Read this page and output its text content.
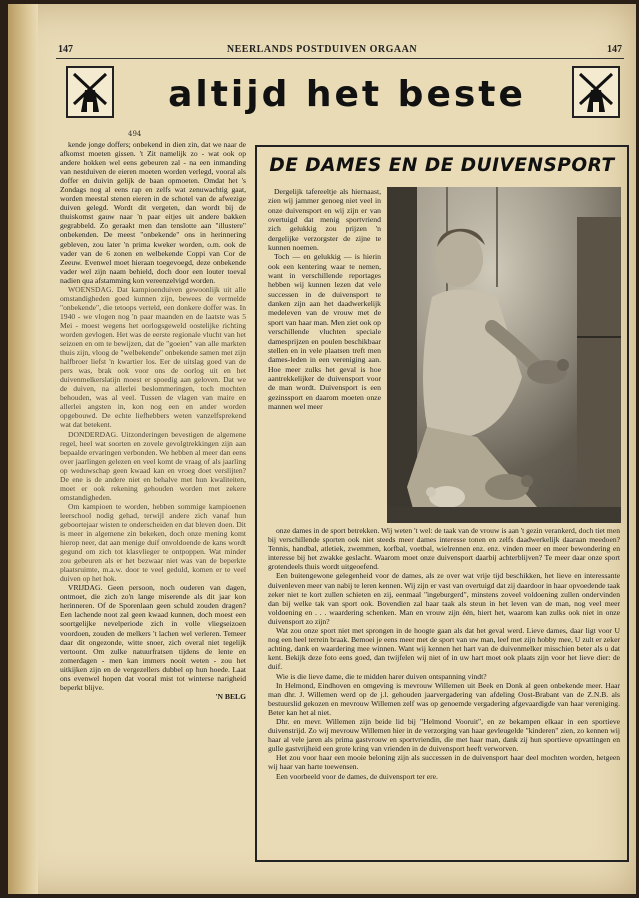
147	NEERLANDS POSTDUIVEN ORGAAN	147
altijd het beste
494

kende jonge doffers; onbekend in dien zin, dat we naar de afkomst moeten gissen. 't Zit namelijk zo - wat ook op andere hokken wel eens gebeuren zal - na een inmanding van nestduiven de eieren moeten worden verlegd, vooral als doffer en duivin gelijk de baan opmoeten. Omdat het 's Zondags nog al eens rap en zelfs wat zenuwachtig gaat, worden meestal stenen eieren in de schotel van de afwezige duiven gelegd. Wordt dit vergeten, dan wordt bij de thuiskomst gauw naar 'n paar eitjes uit andere bakken gegrabbeld. Zo geraakt men dan tenslotte aan "illustere" onbekenden. De meest "onbekende" ons in herinnering gebleven, zou later 'n prima kweker worden, o.m. ook de vader van de 6 zonen en welbekende Coppi van Cor de Zeeuw. Evenwel moet hieraan toegevoegd, deze onbekende vader wel zijn naam behield, doch door een louter toeval nadien qua afstamming kon vereenzelvigd worden.

WOENSDAG. Dat kampioenduiven gewoonlijk uit alle omstandigheden goed kunnen zijn, bewees de vermelde "onbekende", die tetoops verteld, een donkere doffer was. In 1940 - we vlogen nog 'n paar maanden en de laatste was 5 Mei - moest wegens het oorlogsgeweld oostelijke richting worden gevlogen. Het was de eerste regionale vlucht van het seizoen en om te bewijzen, dat de "goeien" van alle markten thuis zijn, vloog de "welbekende" onbekende samen met zijn halfbroer liefst 'n kwartier los. Eer de uitslag goed van de pers was, brak ook voor ons de oorlog uit en het duivenmelkerslatijn moest er spoedig aan geloven. Dat we de duiven, na allerlei beslommeringen, toch mochten behouden, was al veel. Tussen de vlagen van maire en allerlei angsten in, kon nog een en ander worden opgebouwd. De echte liefhebbers weten vanzelfsprekend wat dat betekent.

DONDERDAG. Uitzonderingen bevestigen de algemene regel, heel wat soorten en zovele gevolgtrekkingen zijn aan bepaalde ervaringen verbonden. We hebben al meer dan eens over jaarlingen gelezen en veel komt de vraag of als jaarling op weduwschap geen kwaad kan en vroeg doet verslijten? De ene is de andere niet en behalve met hun kwaliteiten, moet er ook rekening gehouden worden met zekere omstandigheden.

Om kampioen te worden, hebben sommige kampioenen leerschool nodig gehad, terwijl andere zich vanaf hun geboortejaar wisten te onderscheiden en dat bleven doen. Dit is meer in algemene zin bekeken, doch onze mening komt hierop neer, dat aan menige duif onvoldoende de kans wordt gegund om zich tot klasvlieger te ontpoppen. Wat minder zou gebeuren als er het bezwaar niet was van de beperkte plaatsruimte, m.a.w. door te veel geduld, komen er te veel duiven op het hok.

VRIJDAG. Geen persoon, noch ouderen van dagen, ontmoet, die zich zo'n lange miserende als dit jaar kon herinneren. Of de Sporenlaan geen schuld zouden dragen? Een lachende noot zal geen kwaad kunnen, doch moest een soortgelijke nevelperiode zich in volle vliegseizoen voordoen, zouden de melkers 't lachen wel verleren. Temeer daar dit ongezonde, witte snoer, zich overal niet tegelijk vertoont. Om zulke natuurfratsen tijdens de lente en zomerdagen - men kan immers nooit weten - zou het uitkijken zijn en de vergezellers dubbel op hun hoede. Laat ons evenwel hopen dat vooral mist tot winterse narigheid beperkt blijve.

'N BELG
DE DAMES EN DE DUIVENSPORT

Dergelijk tafereeltje als hiernaast, zien wij jammer genoeg niet veel in onze duivensport en wij zijn er van overtuigd dat menig sportvriend zich gelukkig zou prijzen 'n dergelijke verzorgster de zijne te kunnen noemen.

Toch — en gelukkig — is hierin ook een kentering waar te nemen, want in verschillende reportages hebben wij kunnen lezen dat vele successen in de duivensport te danken zijn aan het daadwerkelijk medeleven van de vrouw met de sport van haar man. Men ziet ook op verschillende vluchten speciale damesprijzen en poulen beschikbaar stellen en in vele plaatsen treft men dames-leden in een vereniging aan. Hoe meer zulks het geval is hoe aantrekkelijker de duivensport voor de man wordt. Duivensport is een gezinssport en daarom moeten onze mannen wel meer

onze dames in de sport betrekken. Wij weten 't wel: de taak van de vrouw is aan 't gezin verankerd, doch tiet men bij verschillende sporten ook niet steeds meer dames interesse tonen en zelfs daadwerkelijk daaraan meedoen? Tennis, handbal, atletiek, zwemmen, korfbal, voetbal, wielrennen enz. enz. vinden meer en meer bewondering en interesse bij het zwakke geslacht. Waarom moet onze duivensport daarbij achterblijven? Te meer daar onze sport grotendeels thuis wordt uitgeoefend.

Een buitengewone gelegenheid voor de dames, als ze over wat vrije tijd beschikken, het lieve en interessante duivenleven meer van nabij te leren kennen. Wij zijn er vast van overtuigd dat zij daardoor in haar opvoedende taak zeker niet te kort zullen schieten en zij, eenmaal "ingeburgerd", minstens zoveel voldoening zullen ondervinden dan bij welke tak van sport ook. Bovendien zal haar taak als steun in het leven van de man, nog veel meer voldoening en . . . waardering schenken. Man en vrouw zijn één, hiert het, waarom kan zulks ook niet in onze duivensport zo zijn?

Wat zou onze sport niet met sprongen in de hoogte gaan als dat het geval werd. Lieve dames, daar ligt voor U nog een heel terrein braak. Bemoei je eens meer met de sport van uw man, leef met zijn hobby mee, U zult er zeker achting, dank en waardering mee winnen. Want wij kennen het hart van de duivenmelker misschien beter als u dat kent. Bekijk deze foto eens goed, dan twijfelen wij niet of in uw hart moet ook plaats zijn voor het lieve dier: de duif.

Wie is die lieve dame, die te midden harer duiven ontspanning vindt?

In Helmond, Eindhoven en omgeving is mevrouw Willemen uit Beek en Donk al geen onbekende meer. Haar man dhr. J. Willemen werd op de j.l. gehouden jaarvergadering van afdeling Oost-Brabant van de Z.N.B. als bestuurslid gekozen en mevrouw Willemen zelf was op genoemde vergadering afgevaardigde van haar vereniging. Beter kan het al niet.

Dhr. en mevr. Willemen zijn beide lid bij "Helmond Vooruit", en ze bekampen elkaar in een sportieve duivenstrijd. Zo wij mevrouw Willemen hier in de verzorging van haar gevleugelde "kinderen" zien, zo kennen wij haar al vele jaren als prima gastvrouw en sportvriendin, die met haar man, dank zij hun sportieve opvattingen en gulle gastvrijheid een grote kring van vrienden in de duivensport heeft verworven.

Het zou voor haar een mooie beloning zijn als successen in de duivensport haar deel mochten worden, hetgeen wij haar van harte toewensen.

Een voorbeeld voor de dames, de duivensport ter ere.
